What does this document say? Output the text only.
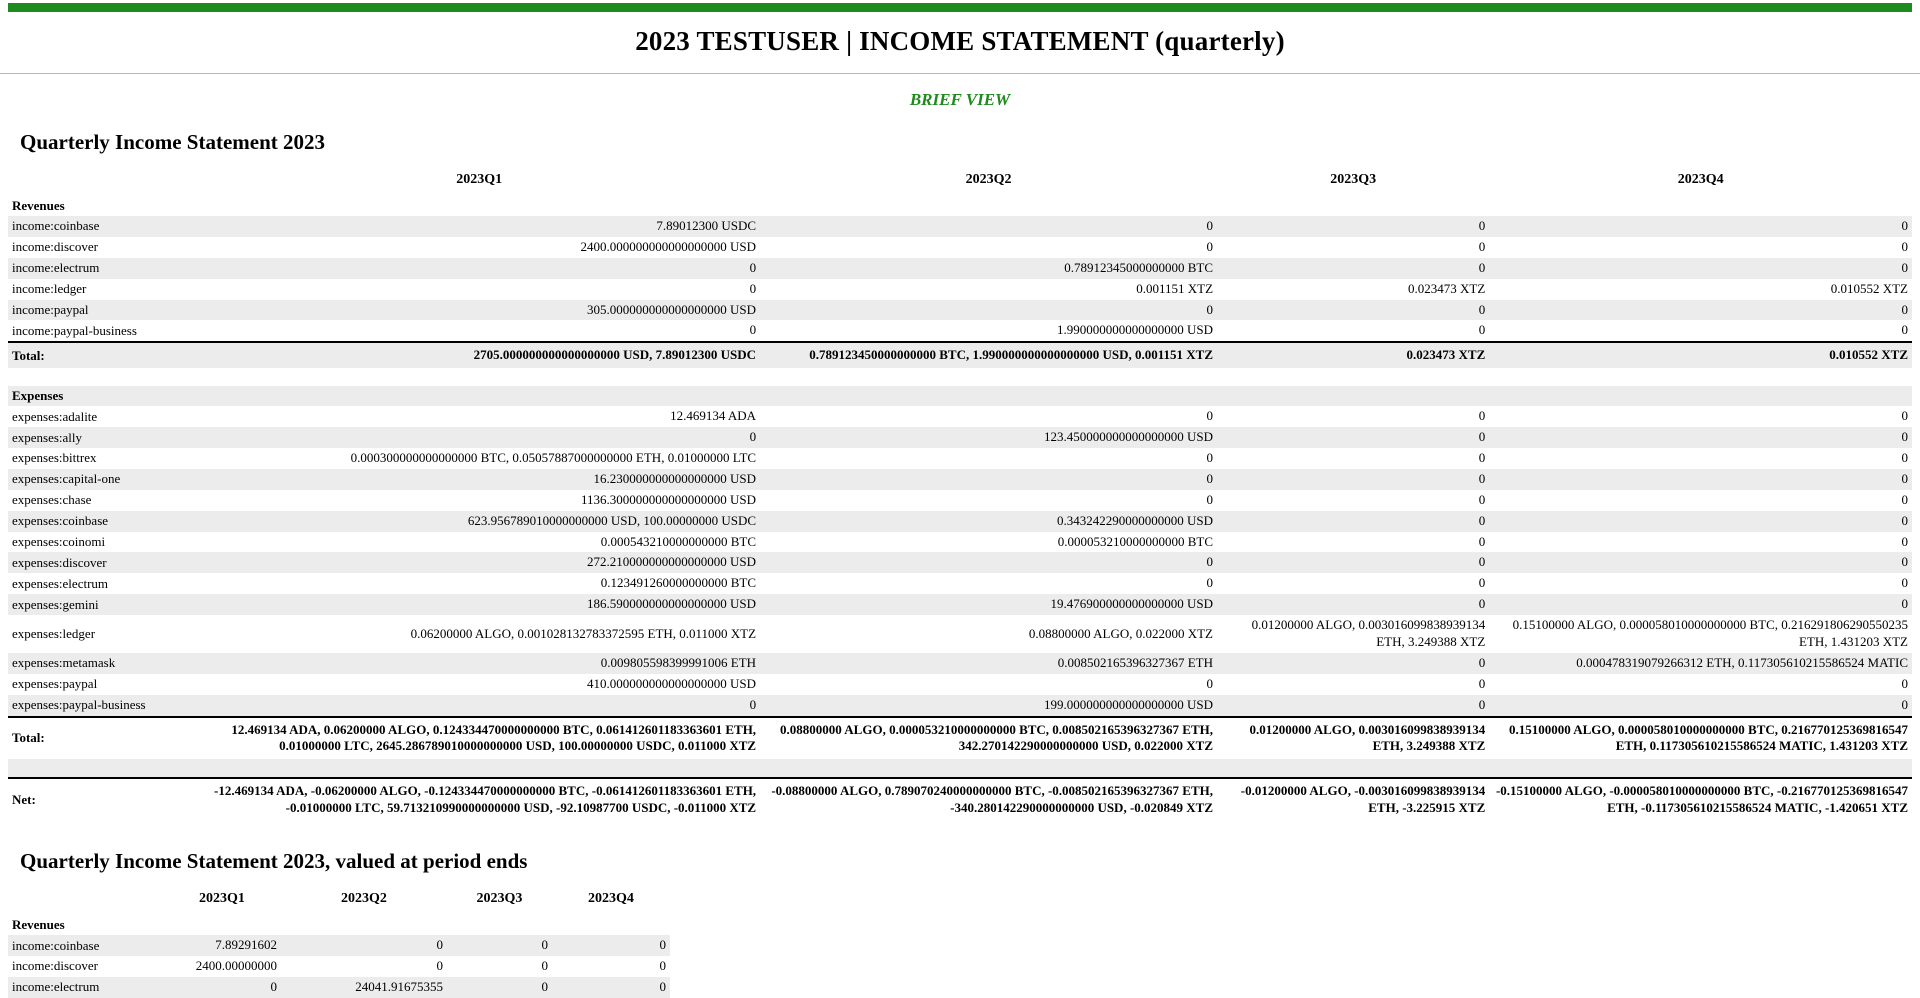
2023 TESTUSER | INCOME STATEMENT (quarterly)
BRIEF VIEW
Quarterly Income Statement 2023
	2023Q1	2023Q2	2023Q3	2023Q4
Revenues				
income:coinbase	7.89012300 USDC	0	0	0
income:discover	2400.000000000000000000 USD	0	0	0
income:electrum	0	0.78912345000000000 BTC	0	0
income:ledger	0	0.001151 XTZ	0.023473 XTZ	0.010552 XTZ
income:paypal	305.000000000000000000 USD	0	0	0
income:paypal-business	0	1.990000000000000000 USD	0	0
Total:	2705.000000000000000000 USD, 7.89012300 USDC	0.789123450000000000 BTC, 1.990000000000000000 USD, 0.001151 XTZ	0.023473 XTZ	0.010552 XTZ

Expenses				
expenses:adalite	12.469134 ADA	0	0	0
expenses:ally	0	123.450000000000000000 USD	0	0
expenses:bittrex	0.000300000000000000 BTC, 0.05057887000000000 ETH, 0.01000000 LTC	0	0	0
expenses:capital-one	16.230000000000000000 USD	0	0	0
expenses:chase	1136.300000000000000000 USD	0	0	0
expenses:coinbase	623.956789010000000000 USD, 100.00000000 USDC	0.343242290000000000 USD	0	0
expenses:coinomi	0.000543210000000000 BTC	0.000053210000000000 BTC	0	0
expenses:discover	272.210000000000000000 USD	0	0	0
expenses:electrum	0.123491260000000000 BTC	0	0	0
expenses:gemini	186.590000000000000000 USD	19.476900000000000000 USD	0	0
expenses:ledger	0.06200000 ALGO, 0.001028132783372595 ETH, 0.011000 XTZ	0.08800000 ALGO, 0.022000 XTZ	0.01200000 ALGO, 0.003016099838939134 ETH, 3.249388 XTZ	0.15100000 ALGO, 0.000058010000000000 BTC, 0.216291806290550235 ETH, 1.431203 XTZ
expenses:metamask	0.009805598399991006 ETH	0.008502165396327367 ETH	0	0.000478319079266312 ETH, 0.117305610215586524 MATIC
expenses:paypal	410.000000000000000000 USD	0	0	0
expenses:paypal-business	0	199.000000000000000000 USD	0	0
Total:	12.469134 ADA, 0.06200000 ALGO, 0.124334470000000000 BTC, 0.061412601183363601 ETH, 0.01000000 LTC, 2645.286789010000000000 USD, 100.00000000 USDC, 0.011000 XTZ	0.08800000 ALGO, 0.000053210000000000 BTC, 0.008502165396327367 ETH, 342.270142290000000000 USD, 0.022000 XTZ	0.01200000 ALGO, 0.003016099838939134 ETH, 3.249388 XTZ	0.15100000 ALGO, 0.000058010000000000 BTC, 0.216770125369816547 ETH, 0.117305610215586524 MATIC, 1.431203 XTZ

Net:	-12.469134 ADA, -0.06200000 ALGO, -0.124334470000000000 BTC, -0.061412601183363601 ETH, -0.01000000 LTC, 59.713210990000000000 USD, -92.10987700 USDC, -0.011000 XTZ	-0.08800000 ALGO, 0.789070240000000000 BTC, -0.008502165396327367 ETH, -340.280142290000000000 USD, -0.020849 XTZ	-0.01200000 ALGO, -0.003016099838939134 ETH, -3.225915 XTZ	-0.15100000 ALGO, -0.000058010000000000 BTC, -0.216770125369816547 ETH, -0.117305610215586524 MATIC, -1.420651 XTZ
Quarterly Income Statement 2023, valued at period ends
	2023Q1	2023Q2	2023Q3	2023Q4
Revenues				
income:coinbase	7.89291602	0	0	0
income:discover	2400.00000000	0	0	0
income:electrum	0	24041.91675355	0	0
